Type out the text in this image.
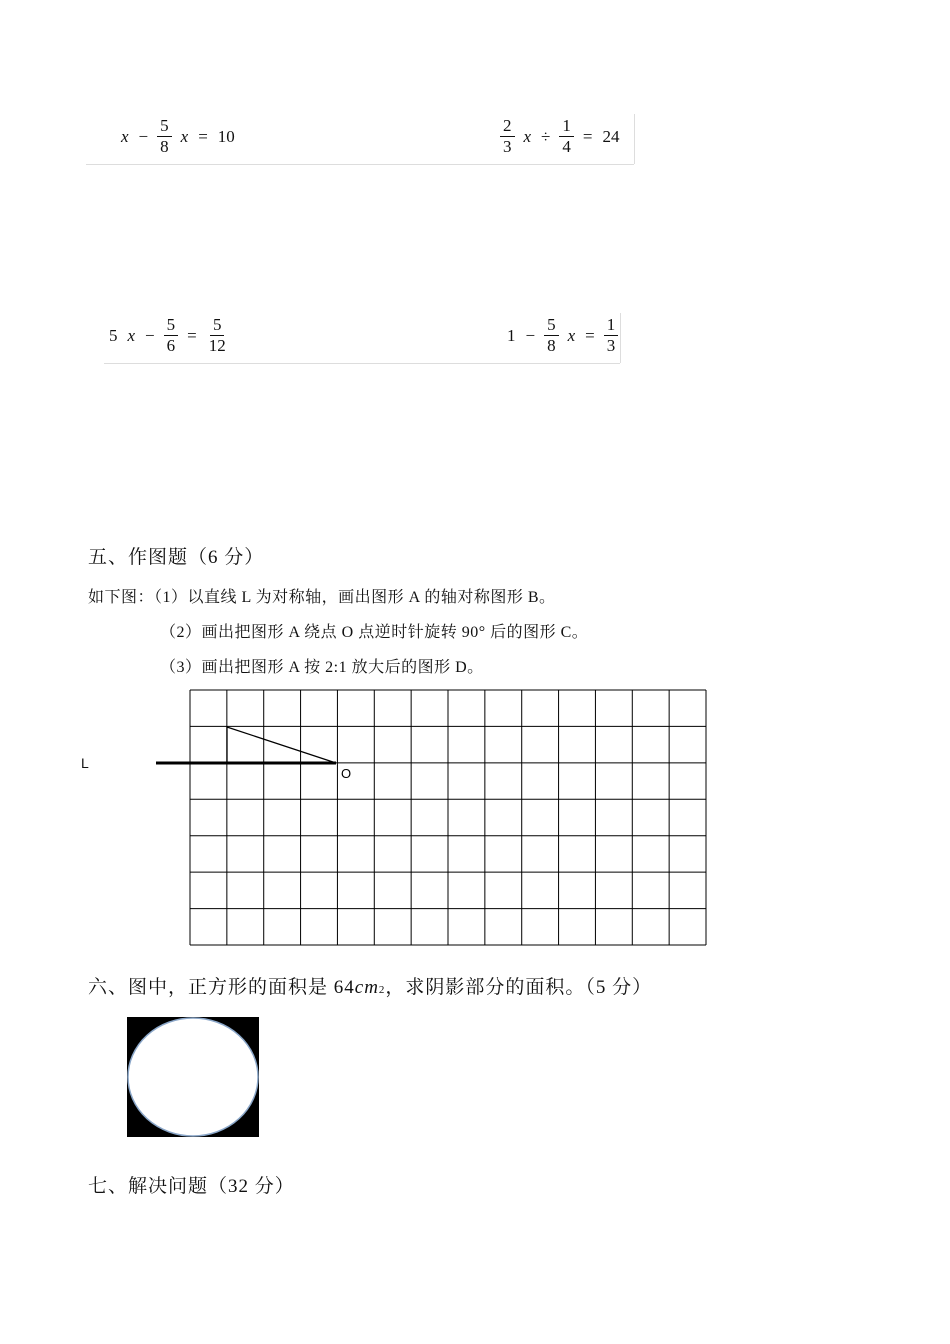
$x - \frac{5}{8}$ x = 10	$\frac{2}{3}$ $x \div \frac{1}{4} = 24$
5 $x - \frac{5}{6} = \frac{5}{12}$	$1 - \frac{5}{8}$ $x = \frac{1}{3}$
五、作图题（6 分）
如下图：（1）以直线 L 为对称轴，画出图形 A 的轴对称图形 B。
（2）画出把图形 A 绕点 O 点逆时针旋转 90° 后的图形 C。
（3）画出把图形 A 按 2:1 放大后的图形 D。
L
O
六、图中，正方形的面积是 64cm2，求阴影部分的面积。（5 分）
七、解决问题（32 分）
